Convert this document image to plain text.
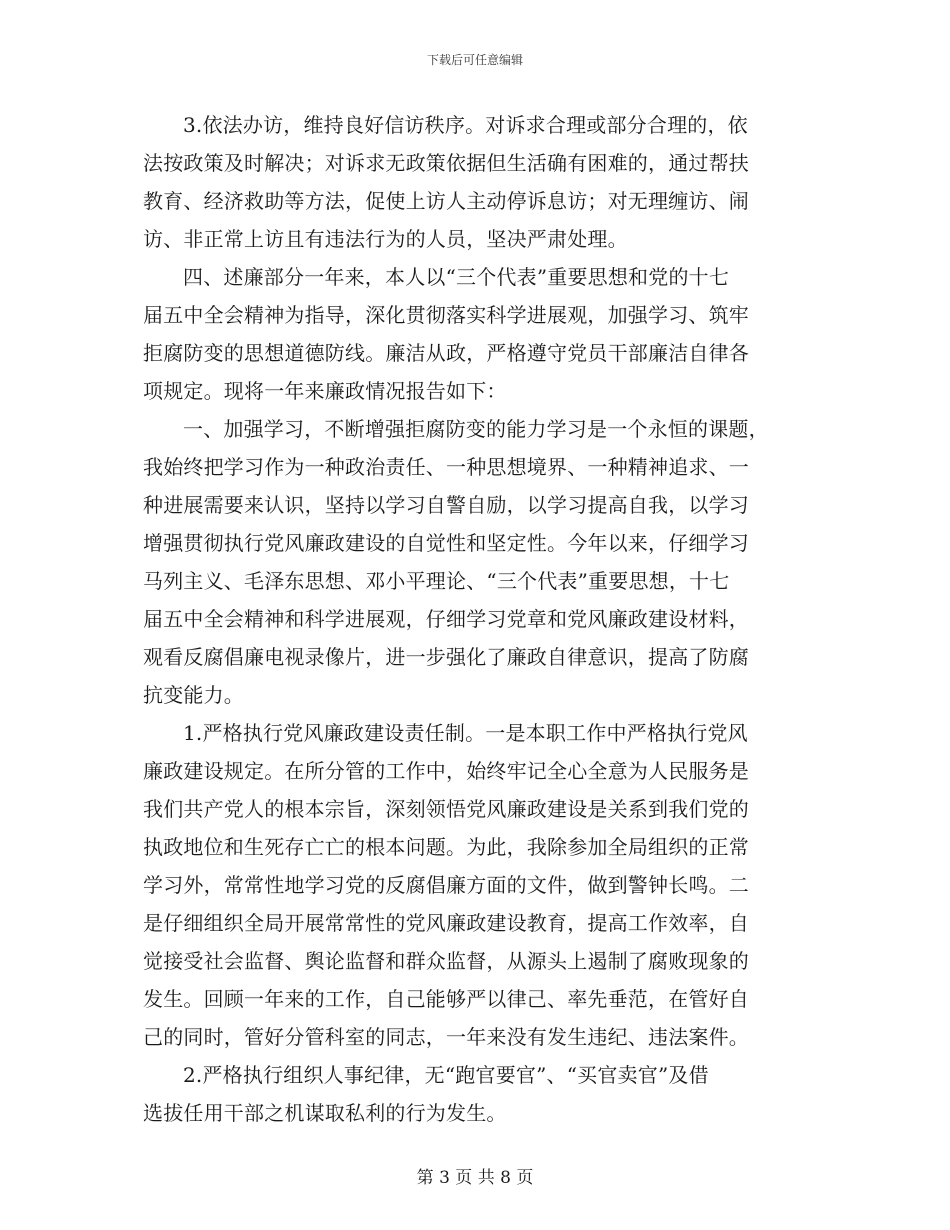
下载后可任意编辑

3.依法办访，维持良好信访秩序。对诉求合理或部分合理的，依
法按政策及时解决；对诉求无政策依据但生活确有困难的，通过帮扶
教育、经济救助等方法，促使上访人主动停诉息访；对无理缠访、闹
访、非正常上访且有违法行为的人员，坚决严肃处理。

四、述廉部分一年来，本人以“三个代表”重要思想和党的十七
届五中全会精神为指导，深化贯彻落实科学进展观，加强学习、筑牢
拒腐防变的思想道德防线。廉洁从政，严格遵守党员干部廉洁自律各
项规定。现将一年来廉政情况报告如下：

一、加强学习，不断增强拒腐防变的能力学习是一个永恒的课题，
我始终把学习作为一种政治责任、一种思想境界、一种精神追求、一
种进展需要来认识，坚持以学习自警自励，以学习提高自我，以学习
增强贯彻执行党风廉政建设的自觉性和坚定性。今年以来，仔细学习
马列主义、毛泽东思想、邓小平理论、“三个代表”重要思想，十七
届五中全会精神和科学进展观，仔细学习党章和党风廉政建设材料，
观看反腐倡廉电视录像片，进一步强化了廉政自律意识，提高了防腐
抗变能力。

1.严格执行党风廉政建设责任制。一是本职工作中严格执行党风
廉政建设规定。在所分管的工作中，始终牢记全心全意为人民服务是
我们共产党人的根本宗旨，深刻领悟党风廉政建设是关系到我们党的
执政地位和生死存亡亡的根本问题。为此，我除参加全局组织的正常
学习外，常常性地学习党的反腐倡廉方面的文件，做到警钟长鸣。二
是仔细组织全局开展常常性的党风廉政建设教育，提高工作效率，自
觉接受社会监督、舆论监督和群众监督，从源头上遏制了腐败现象的
发生。回顾一年来的工作，自己能够严以律己、率先垂范，在管好自
己的同时，管好分管科室的同志，一年来没有发生违纪、违法案件。

2.严格执行组织人事纪律，无“跑官要官”、“买官卖官”及借
选拔任用干部之机谋取私利的行为发生。

第 3 页 共 8 页
